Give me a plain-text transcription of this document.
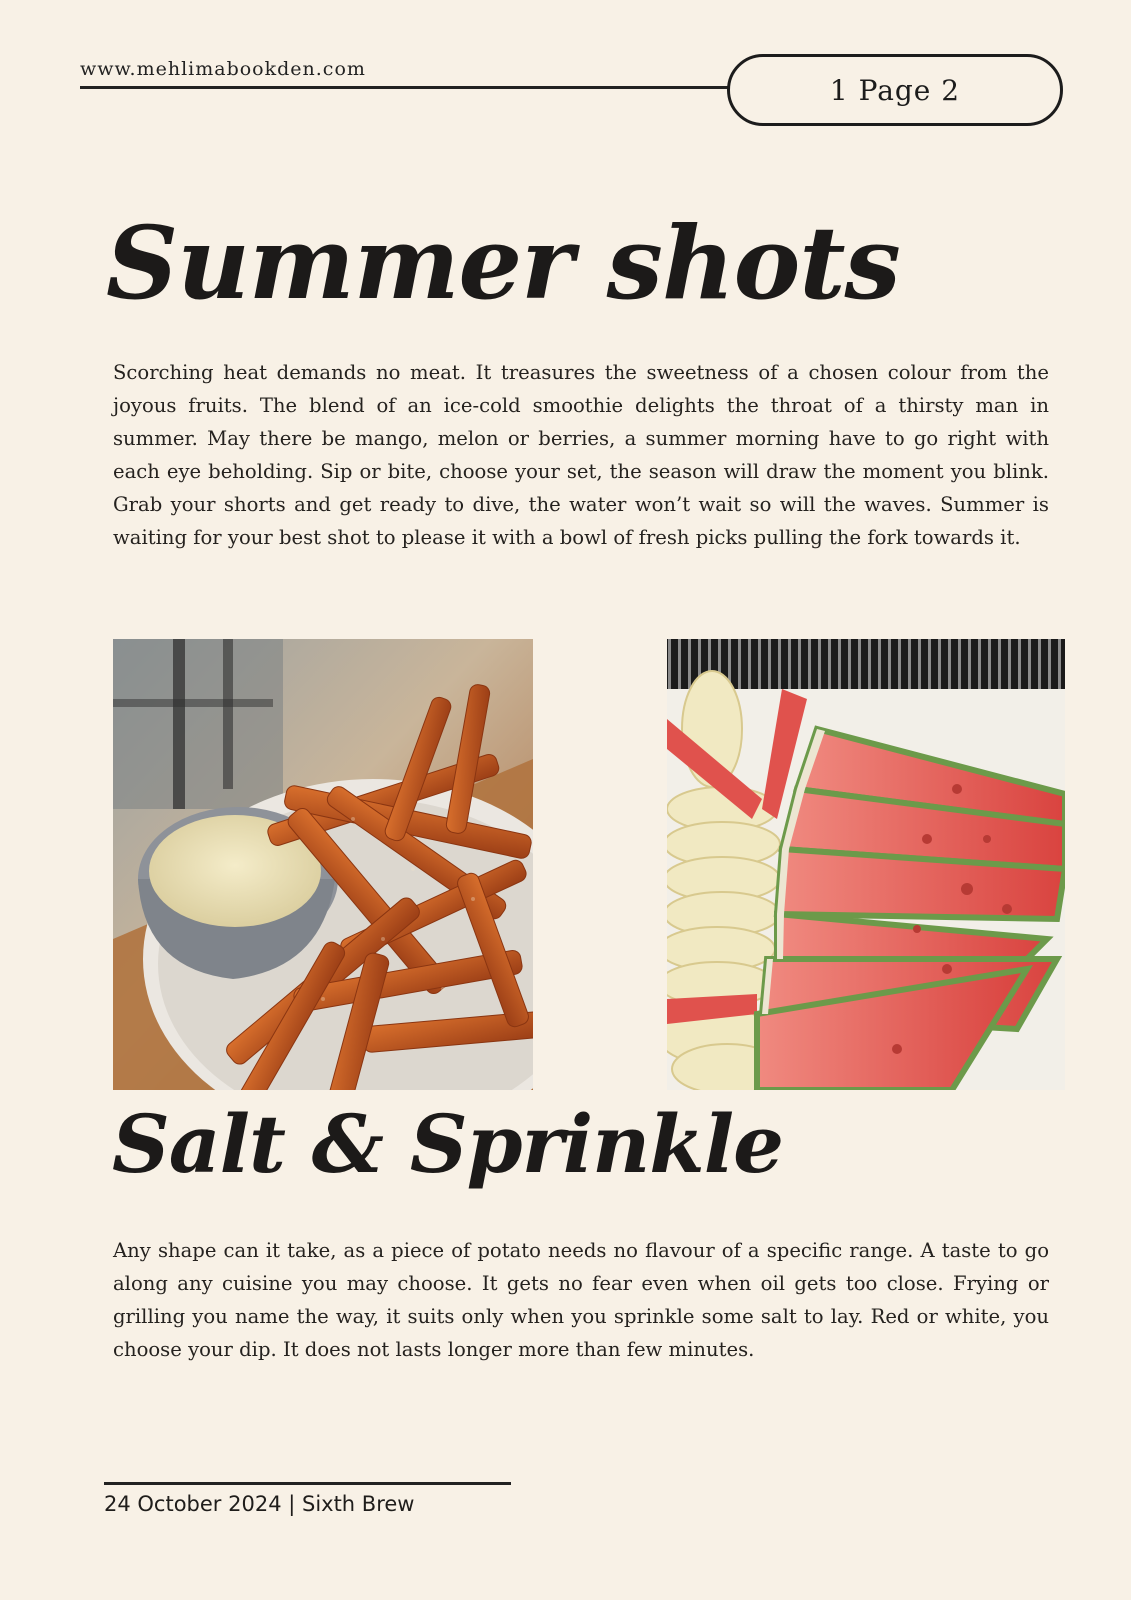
www.mehlimabookden.com
1 Page 2
Summer shots

Scorching heat demands no meat. It treasures the sweetness of a chosen colour from the joyous fruits. The blend of an ice-cold smoothie delights the throat of a thirsty man in summer. May there be mango, melon or berries, a summer morning have to go right with each eye beholding. Sip or bite, choose your set, the season will draw the moment you blink. Grab your shorts and get ready to dive, the water won’t wait so will the waves. Summer is waiting for your best shot to please it with a bowl of fresh picks pulling the fork towards it.

Salt & Sprinkle

Any shape can it take, as a piece of potato needs no flavour of a specific range. A taste to go along any cuisine you may choose. It gets no fear even when oil gets too close. Frying or grilling you name the way, it suits only when you sprinkle some salt to lay. Red or white, you choose your dip. It does not lasts longer more than few minutes.

24 October 2024 | Sixth Brew
